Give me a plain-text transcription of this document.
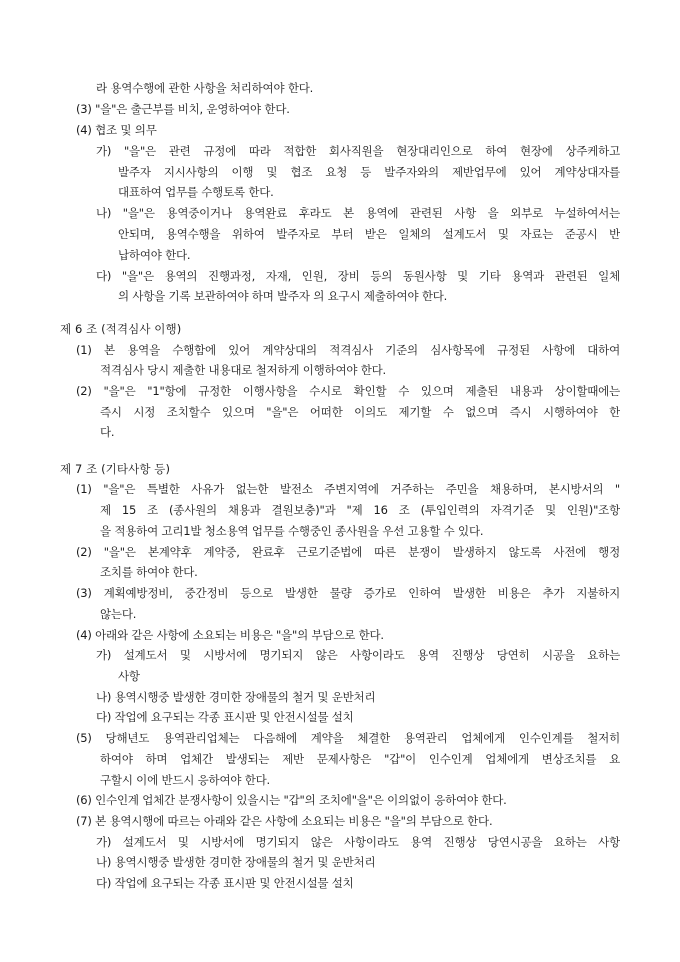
라 용역수행에 관한 사항을 처리하여야 한다.
(3) "을"은 출근부를 비치, 운영하여야 한다.
(4) 협조 및 의무
가) "을"은 관련 규정에 따라 적합한 회사직원을 현장대리인으로 하여 현장에 상주케하고
발주자 지시사항의 이행 및 협조 요청 등 발주자와의 제반업무에 있어 계약상대자를
대표하여 업무를 수행토록 한다.
나) "을"은 용역중이거나 용역완료 후라도 본 용역에 관련된 사항 을 외부로 누설하여서는
안되며, 용역수행을 위하여 발주자로 부터 받은 일체의 설계도서 및 자료는 준공시 반
납하여야 한다.
다) "을"은 용역의 진행과정, 자재, 인원, 장비 등의 동원사항 및 기타 용역과 관련된 일체
의 사항을 기록 보관하여야 하며 발주자 의 요구시 제출하여야 한다.
제 6 조 (적격심사 이행)
(1) 본 용역을 수행함에 있어 계약상대의 적격심사 기준의 심사항목에 규정된 사항에 대하여
적격심사 당시 제출한 내용대로 철저하게 이행하여야 한다.
(2) "을"은 "1"항에 규정한 이행사항을 수시로 확인할 수 있으며 제출된 내용과 상이할때에는
즉시 시정 조치할수 있으며 "을"은 어떠한 이의도 제기할 수 없으며 즉시 시행하여야 한
다.
제 7 조 (기타사항 등)
(1) "을"은 특별한 사유가 없는한 발전소 주변지역에 거주하는 주민을 채용하며, 본시방서의 "
제 15 조 (종사원의 채용과 결원보충)"과 "제 16 조 (투입인력의 자격기준 및 인원)"조항
을 적용하여 고리1발 청소용역 업무를 수행중인 종사원을 우선 고용할 수 있다.
(2) "을"은 본계약후 계약중, 완료후 근로기준법에 따른 분쟁이 발생하지 않도록 사전에 행정
조치를 하여야 한다.
(3) 계획예방정비, 중간정비 등으로 발생한 물량 증가로 인하여 발생한 비용은 추가 지불하지
않는다.
(4) 아래와 같은 사항에 소요되는 비용은 "을"의 부담으로 한다.
가) 설계도서 및 시방서에 명기되지 않은 사항이라도 용역 진행상 당연히 시공을 요하는
사항
나) 용역시행중 발생한 경미한 장애물의 철거 및 운반처리
다) 작업에 요구되는 각종 표시판 및 안전시설물 설치
(5) 당해년도 용역관리업체는 다음해에 계약을 체결한 용역관리 업체에게 인수인계를 철저히
하여야 하며 업체간 발생되는 제반 문제사항은 "갑"이 인수인계 업체에게 변상조치를 요
구할시 이에 반드시 응하여야 한다.
(6) 인수인계 업체간 분쟁사항이 있을시는 "갑"의 조치에"을"은 이의없이 응하여야 한다.
(7) 본 용역시행에 따르는 아래와 같은 사항에 소요되는 비용은 "을"의 부담으로 한다.
가) 설계도서 및 시방서에 명기되지 않은 사항이라도 용역 진행상 당연시공을 요하는 사항
나) 용역시행중 발생한 경미한 장애물의 철거 및 운반처리
다) 작업에 요구되는 각종 표시판 및 안전시설물 설치
